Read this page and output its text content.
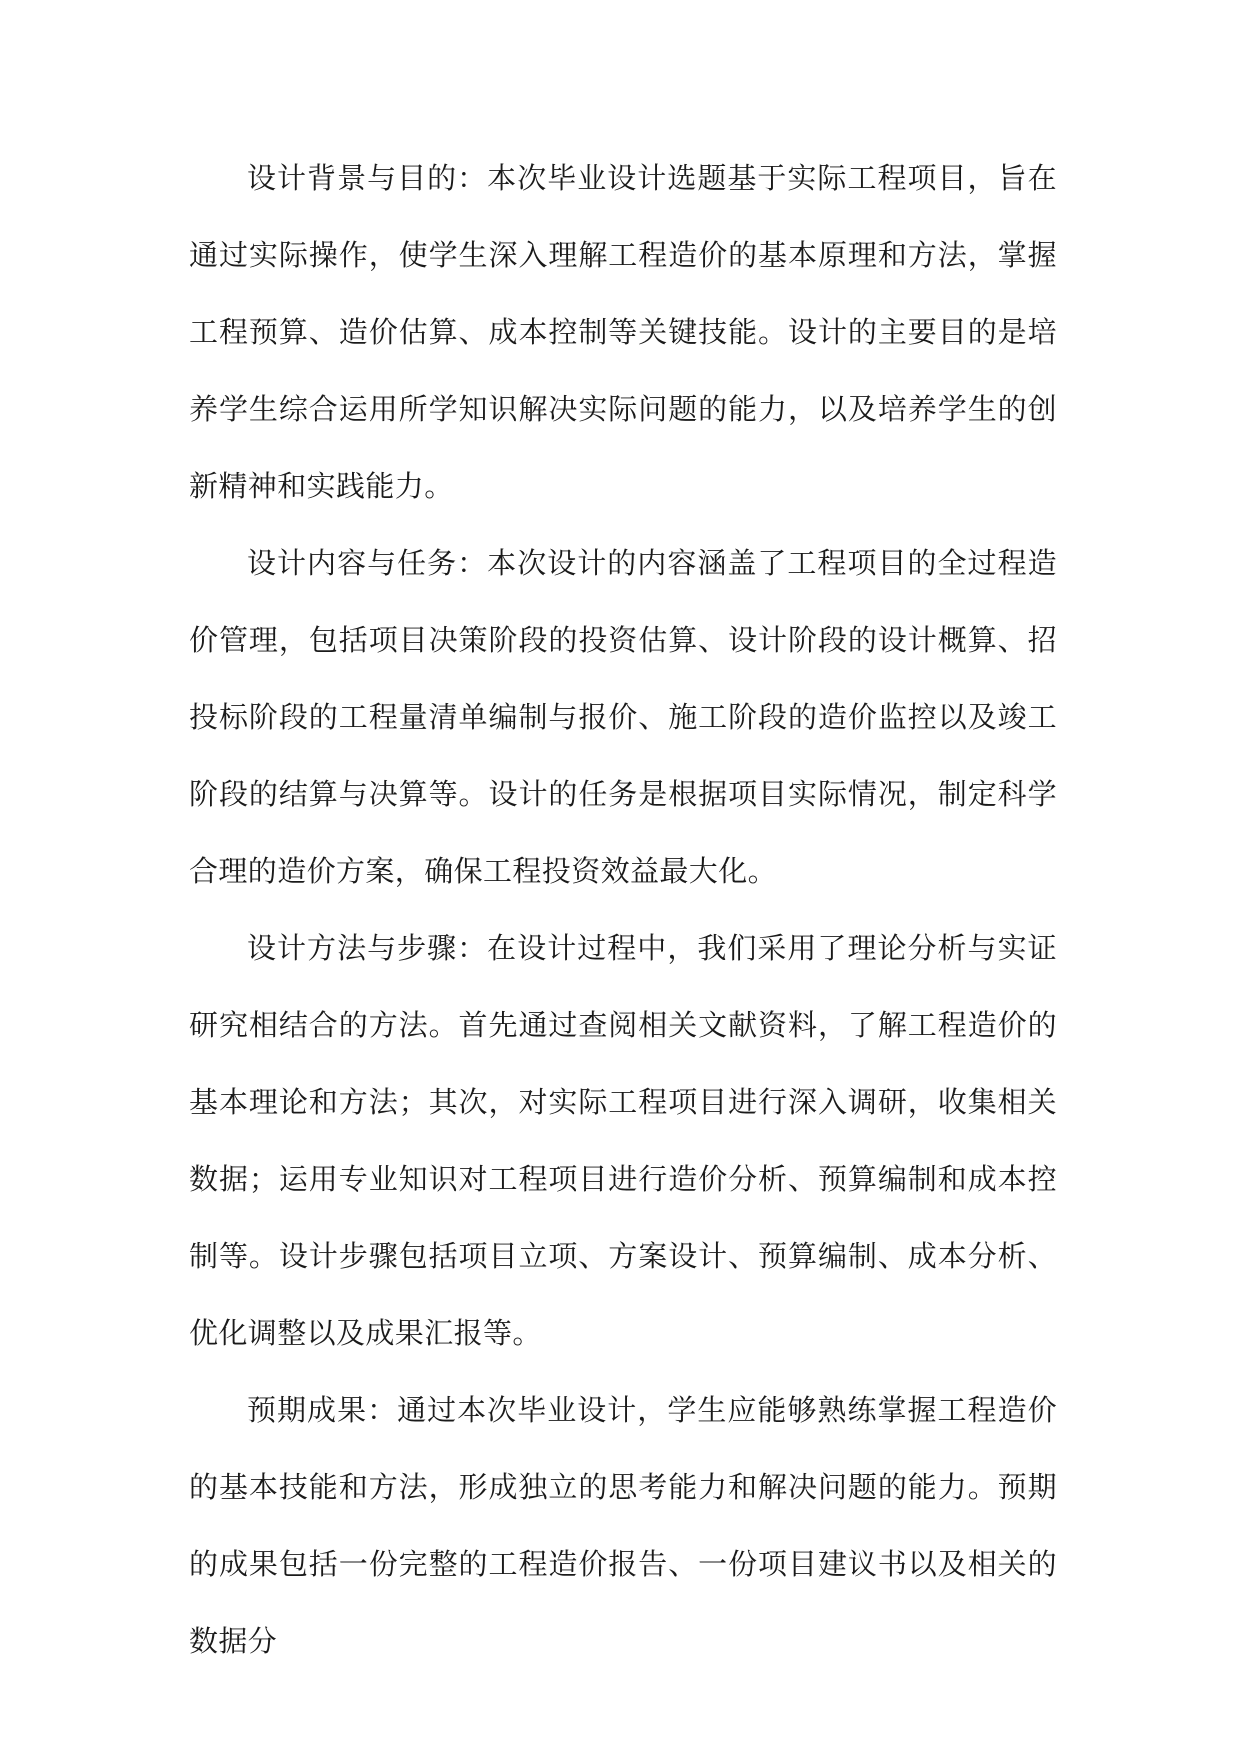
设计背景与目的：本次毕业设计选题基于实际工程项目，旨在通过实际操作，使学生深入理解工程造价的基本原理和方法，掌握工程预算、造价估算、成本控制等关键技能。设计的主要目的是培养学生综合运用所学知识解决实际问题的能力，以及培养学生的创新精神和实践能力。

设计内容与任务：本次设计的内容涵盖了工程项目的全过程造价管理，包括项目决策阶段的投资估算、设计阶段的设计概算、招投标阶段的工程量清单编制与报价、施工阶段的造价监控以及竣工阶段的结算与决算等。设计的任务是根据项目实际情况，制定科学合理的造价方案，确保工程投资效益最大化。

设计方法与步骤：在设计过程中，我们采用了理论分析与实证研究相结合的方法。首先通过查阅相关文献资料，了解工程造价的基本理论和方法；其次，对实际工程项目进行深入调研，收集相关数据；运用专业知识对工程项目进行造价分析、预算编制和成本控制等。设计步骤包括项目立项、方案设计、预算编制、成本分析、优化调整以及成果汇报等。

预期成果：通过本次毕业设计，学生应能够熟练掌握工程造价的基本技能和方法，形成独立的思考能力和解决问题的能力。预期的成果包括一份完整的工程造价报告、一份项目建议书以及相关的数据分
